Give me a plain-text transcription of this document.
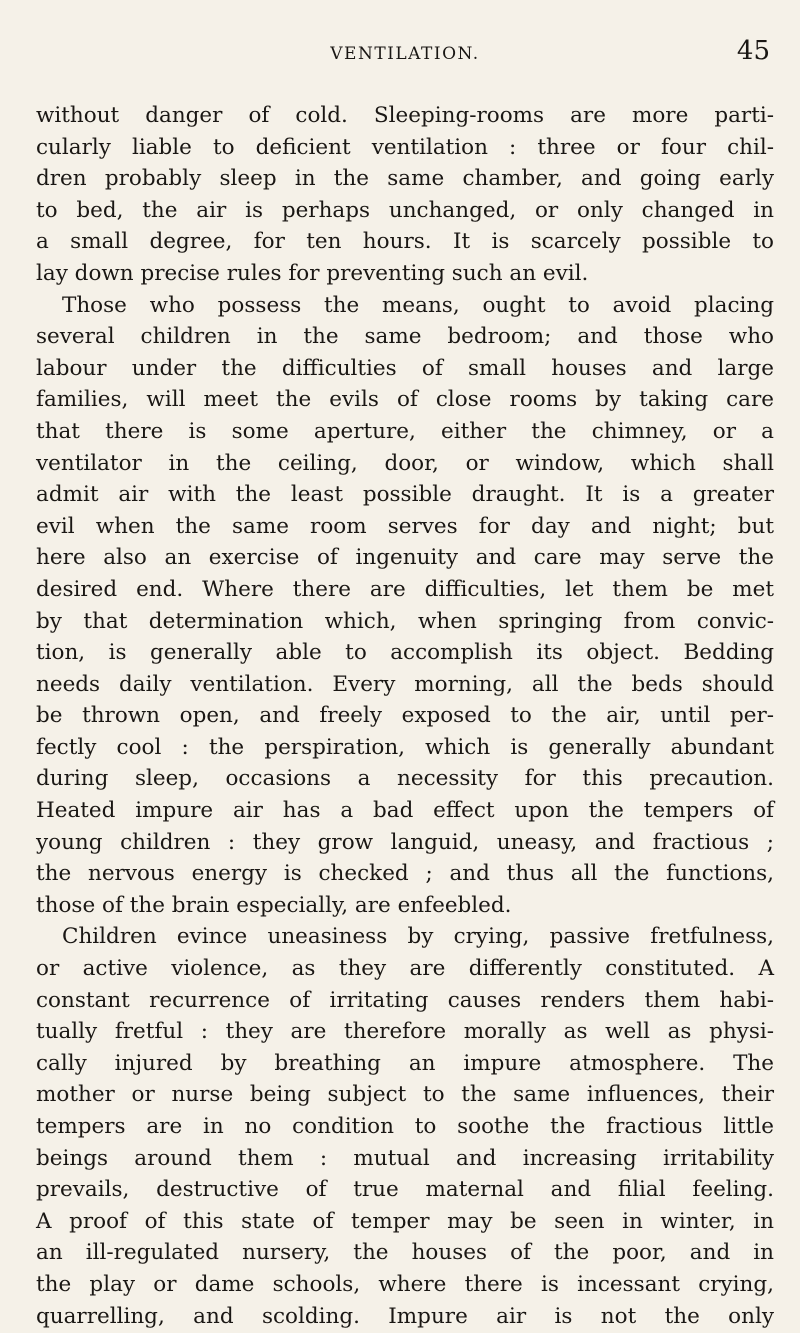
VENTILATION.	45
without danger of cold. Sleeping-rooms are more parti-
cularly liable to deficient ventilation : three or four chil-
dren probably sleep in the same chamber, and going early
to bed, the air is perhaps unchanged, or only changed in
a small degree, for ten hours. It is scarcely possible to
lay down precise rules for preventing such an evil.
Those who possess the means, ought to avoid placing
several children in the same bedroom; and those who
labour under the difficulties of small houses and large
families, will meet the evils of close rooms by taking care
that there is some aperture, either the chimney, or a
ventilator in the ceiling, door, or window, which shall
admit air with the least possible draught. It is a greater
evil when the same room serves for day and night; but
here also an exercise of ingenuity and care may serve the
desired end. Where there are difficulties, let them be met
by that determination which, when springing from convic-
tion, is generally able to accomplish its object. Bedding
needs daily ventilation. Every morning, all the beds should
be thrown open, and freely exposed to the air, until per-
fectly cool : the perspiration, which is generally abundant
during sleep, occasions a necessity for this precaution.
Heated impure air has a bad effect upon the tempers of
young children : they grow languid, uneasy, and fractious ;
the nervous energy is checked ; and thus all the functions,
those of the brain especially, are enfeebled.
Children evince uneasiness by crying, passive fretfulness,
or active violence, as they are differently constituted. A
constant recurrence of irritating causes renders them habi-
tually fretful : they are therefore morally as well as physi-
cally injured by breathing an impure atmosphere. The
mother or nurse being subject to the same influences, their
tempers are in no condition to soothe the fractious little
beings around them : mutual and increasing irritability
prevails, destructive of true maternal and filial feeling.
A proof of this state of temper may be seen in winter, in
an ill-regulated nursery, the houses of the poor, and in
the play or dame schools, where there is incessant crying,
quarrelling, and scolding. Impure air is not the only
